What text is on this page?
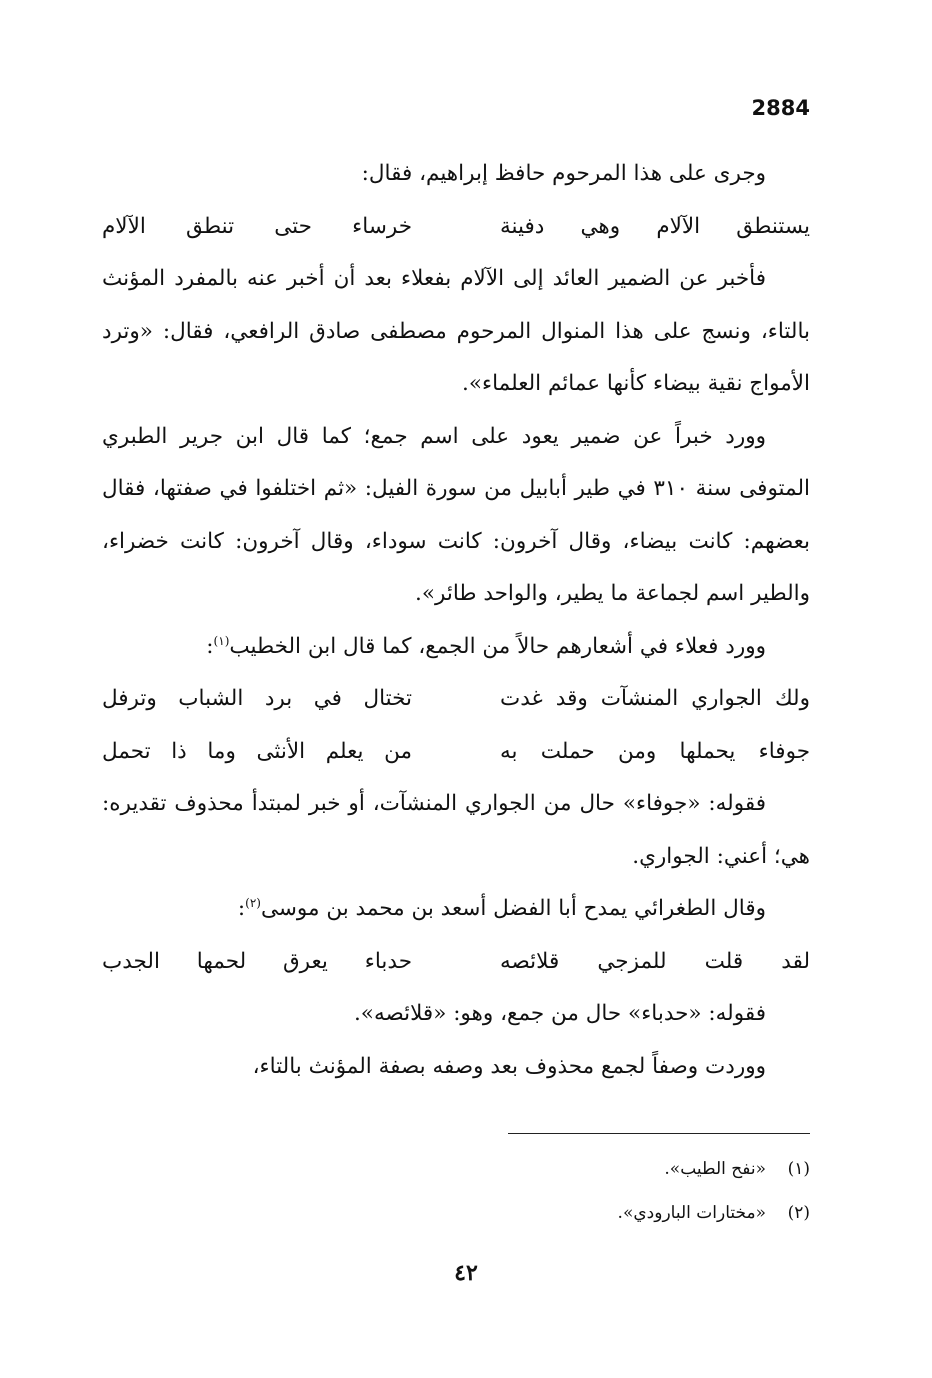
2884

وجرى على هذا المرحوم حافظ إبراهيم، فقال:

يستنطق الآلام وهي دفينة
خرساء حتى تنطق الآلام

فأخبر عن الضمير العائد إلى الآلام بفعلاء بعد أن أخبر عنه بالمفرد المؤنث بالتاء، ونسج على هذا المنوال المرحوم مصطفى صادق الرافعي، فقال: «وترد الأمواج نقية بيضاء كأنها عمائم العلماء».

وورد خبراً عن ضمير يعود على اسم جمع؛ كما قال ابن جرير الطبري المتوفى سنة ٣١٠ في طير أبابيل من سورة الفيل: «ثم اختلفوا في صفتها، فقال بعضهم: كانت بيضاء، وقال آخرون: كانت سوداء، وقال آخرون: كانت خضراء، والطير اسم لجماعة ما يطير، والواحد طائر».

وورد فعلاء في أشعارهم حالاً من الجمع، كما قال ابن الخطيب$^{(١)}$:

ولك الجواري المنشآت وقد غدت
تختال في برد الشباب وترفل
جوفاء يحملها ومن حملت به
من يعلم الأنثى وما ذا تحمل

فقوله: «جوفاء» حال من الجواري المنشآت، أو خبر لمبتدأ محذوف تقديره: هي؛ أعني: الجواري.

وقال الطغرائي يمدح أبا الفضل أسعد بن محمد بن موسى$^{(٢)}$:

لقد قلت للمزجي قلائصه
حدباء يعرق لحمها الجدب

فقوله: «حدباء» حال من جمع، وهو: «قلائصه».

ووردت وصفاً لجمع محذوف بعد وصفه بصفة المؤنث بالتاء،

(١)«نفح الطيب».

(٢)«مختارات البارودي».

٤٢
